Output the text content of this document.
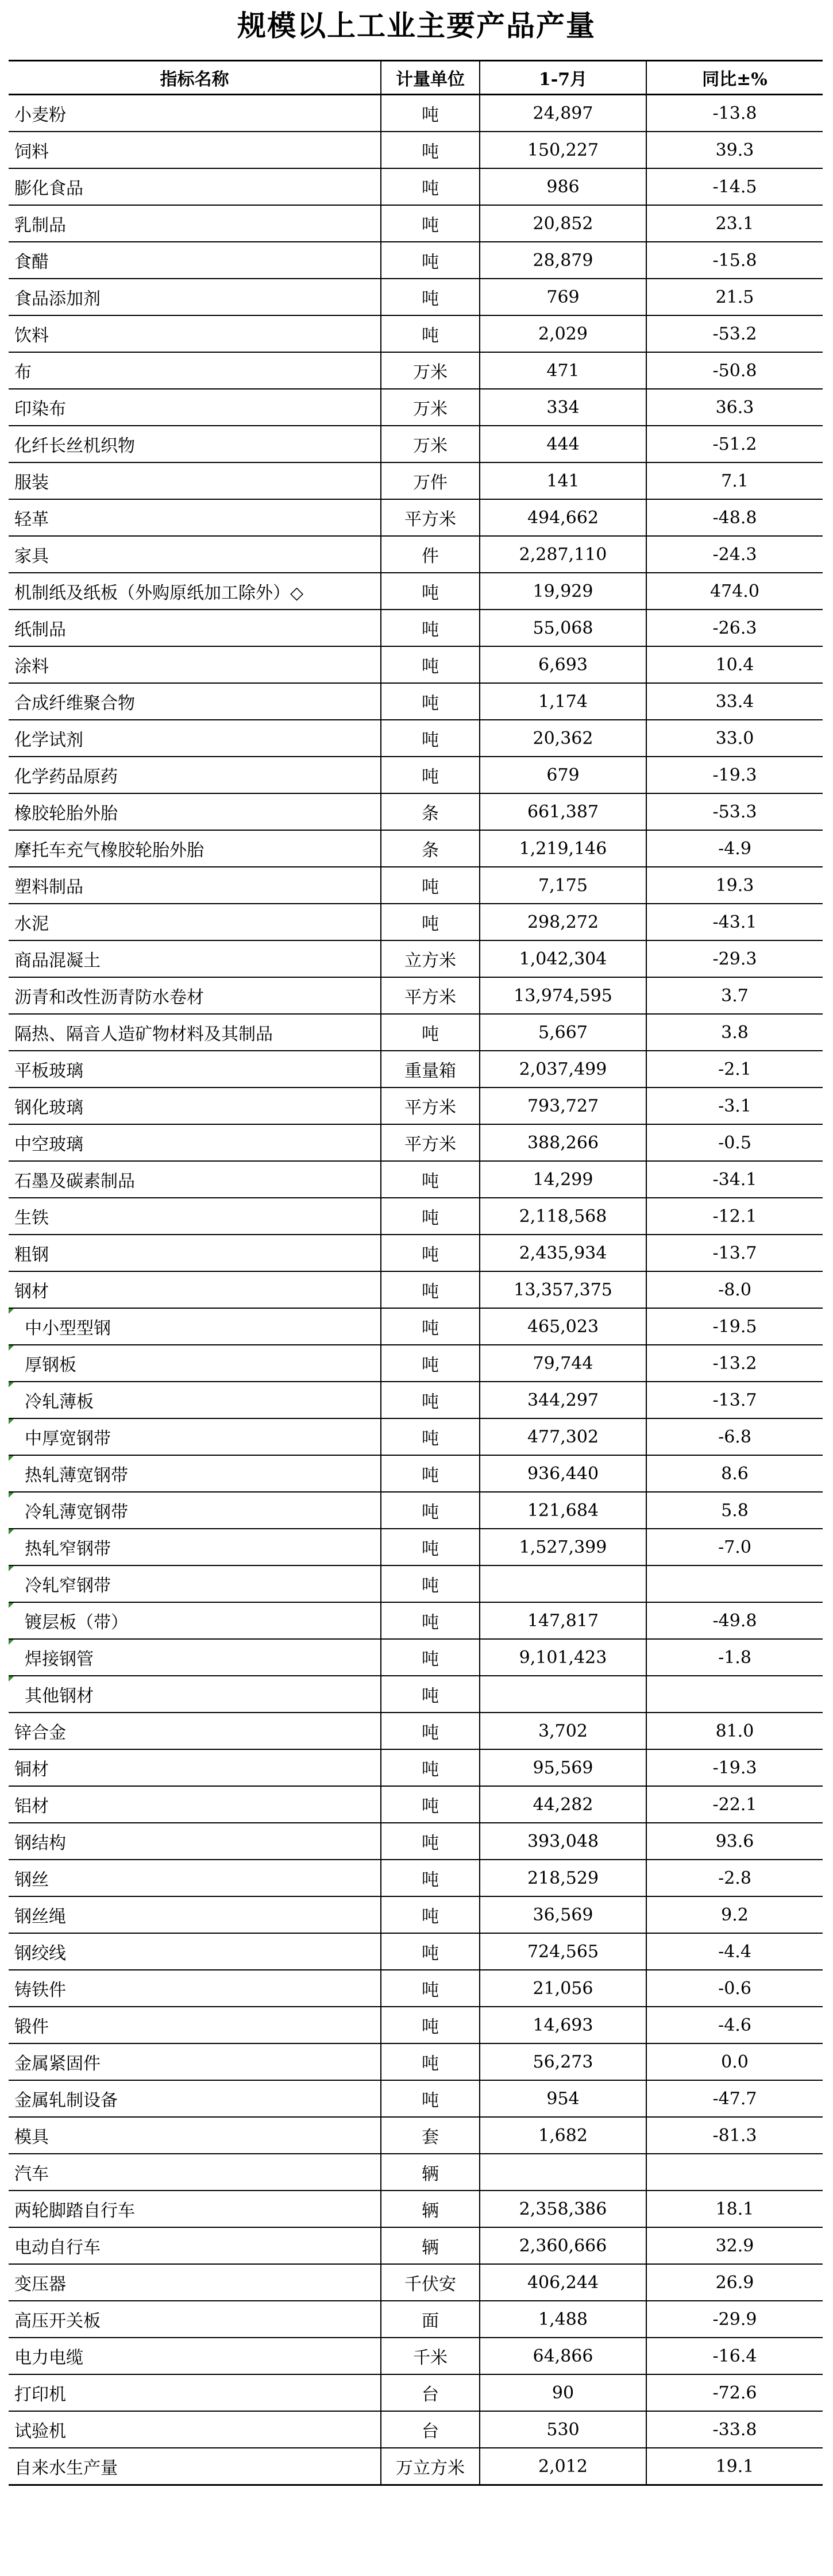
规模以上工业主要产品产量
指标名称	计量单位	1-7月	同比±%
小麦粉	吨	24,897	-13.8
饲料	吨	150,227	39.3
膨化食品	吨	986	-14.5
乳制品	吨	20,852	23.1
食醋	吨	28,879	-15.8
食品添加剂	吨	769	21.5
饮料	吨	2,029	-53.2
布	万米	471	-50.8
印染布	万米	334	36.3
化纤长丝机织物	万米	444	-51.2
服装	万件	141	7.1
轻革	平方米	494,662	-48.8
家具	件	2,287,110	-24.3
机制纸及纸板（外购原纸加工除外）◇	吨	19,929	474.0
纸制品	吨	55,068	-26.3
涂料	吨	6,693	10.4
合成纤维聚合物	吨	1,174	33.4
化学试剂	吨	20,362	33.0
化学药品原药	吨	679	-19.3
橡胶轮胎外胎	条	661,387	-53.3
摩托车充气橡胶轮胎外胎	条	1,219,146	-4.9
塑料制品	吨	7,175	19.3
水泥	吨	298,272	-43.1
商品混凝土	立方米	1,042,304	-29.3
沥青和改性沥青防水卷材	平方米	13,974,595	3.7
隔热、隔音人造矿物材料及其制品	吨	5,667	3.8
平板玻璃	重量箱	2,037,499	-2.1
钢化玻璃	平方米	793,727	-3.1
中空玻璃	平方米	388,266	-0.5
石墨及碳素制品	吨	14,299	-34.1
生铁	吨	2,118,568	-12.1
粗钢	吨	2,435,934	-13.7
钢材	吨	13,357,375	-8.0
中小型型钢	吨	465,023	-19.5
厚钢板	吨	79,744	-13.2
冷轧薄板	吨	344,297	-13.7
中厚宽钢带	吨	477,302	-6.8
热轧薄宽钢带	吨	936,440	8.6
冷轧薄宽钢带	吨	121,684	5.8
热轧窄钢带	吨	1,527,399	-7.0
冷轧窄钢带	吨		
镀层板（带）	吨	147,817	-49.8
焊接钢管	吨	9,101,423	-1.8
其他钢材	吨		
锌合金	吨	3,702	81.0
铜材	吨	95,569	-19.3
铝材	吨	44,282	-22.1
钢结构	吨	393,048	93.6
钢丝	吨	218,529	-2.8
钢丝绳	吨	36,569	9.2
钢绞线	吨	724,565	-4.4
铸铁件	吨	21,056	-0.6
锻件	吨	14,693	-4.6
金属紧固件	吨	56,273	0.0
金属轧制设备	吨	954	-47.7
模具	套	1,682	-81.3
汽车	辆		
两轮脚踏自行车	辆	2,358,386	18.1
电动自行车	辆	2,360,666	32.9
变压器	千伏安	406,244	26.9
高压开关板	面	1,488	-29.9
电力电缆	千米	64,866	-16.4
打印机	台	90	-72.6
试验机	台	530	-33.8
自来水生产量	万立方米	2,012	19.1
